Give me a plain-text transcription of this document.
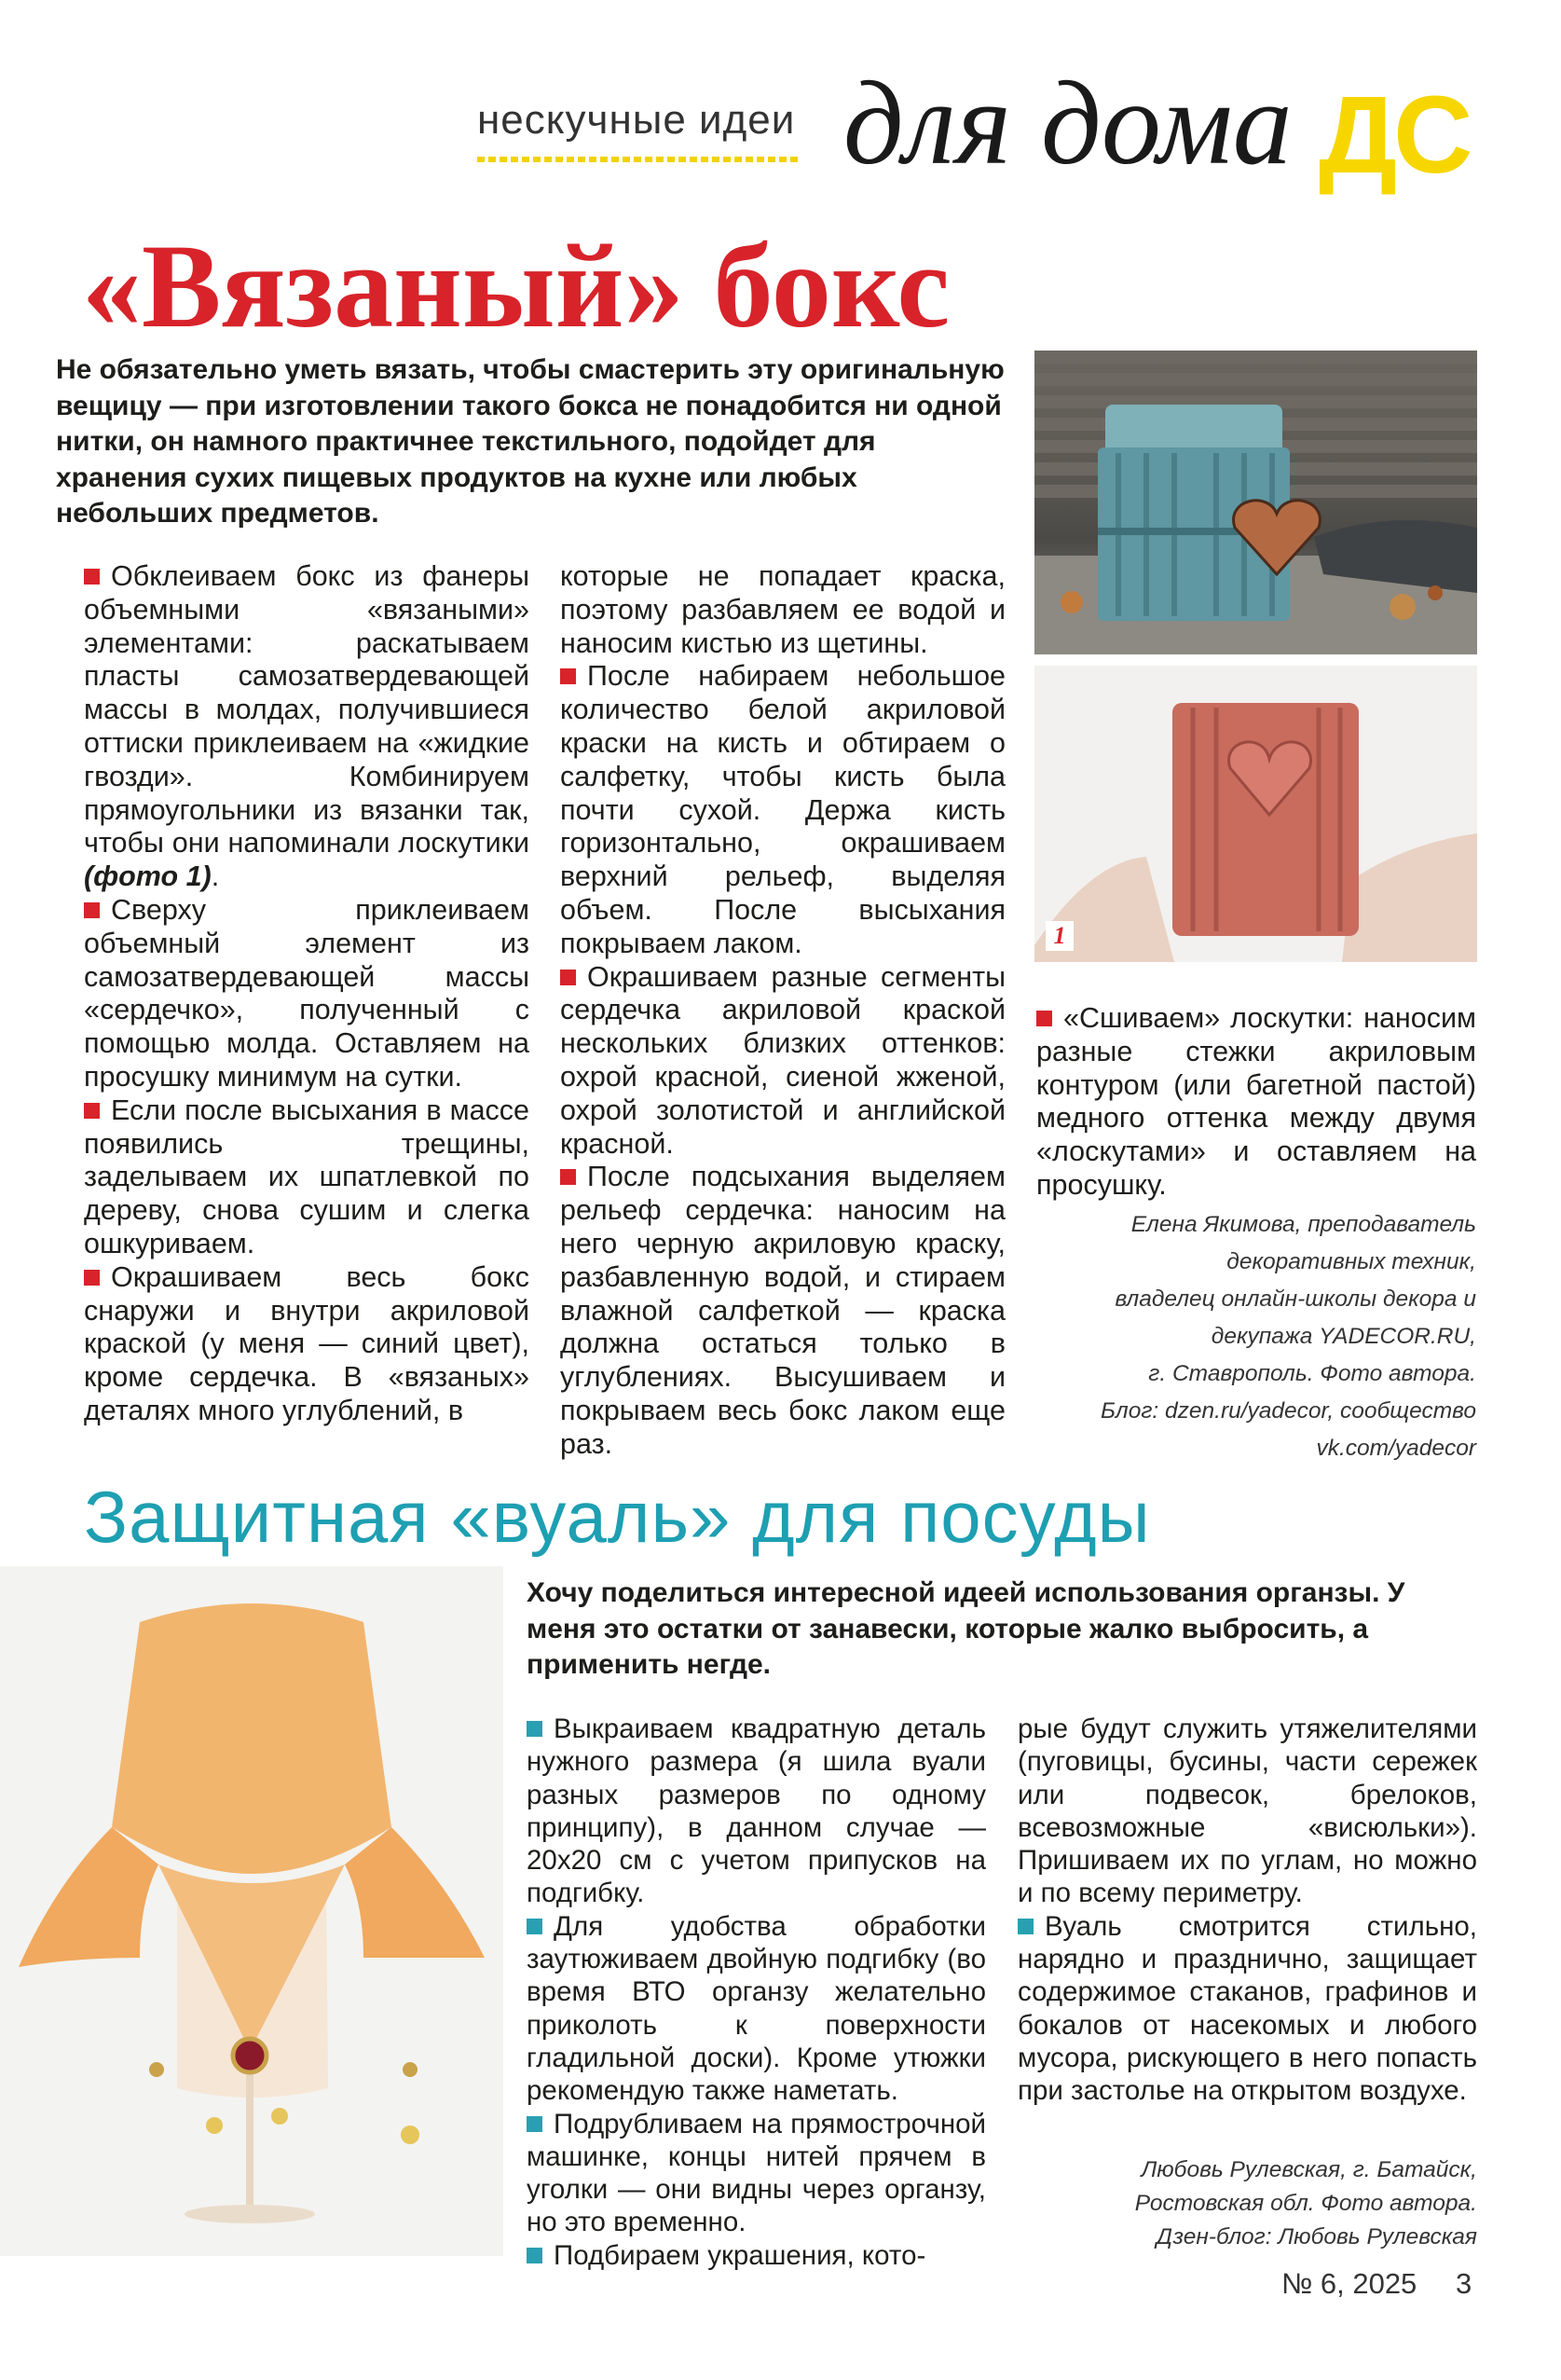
нескучные идеи для дома ДС
«Вязаный» бокс
Не обязательно уметь вязать, чтобы смастерить эту оригинальную вещицу — при изготовлении такого бокса не понадобится ни одной нитки, он намного практичнее текстильного, подойдет для хранения сухих пищевых продуктов на кухне или любых небольших предметов.
1

Обклеиваем бокс из фанеры объемными «вязаными» элементами: раскатываем пласты самозатвердевающей массы в молдах, получившиеся оттиски приклеиваем на «жидкие гвозди». Комбинируем прямоугольники из вязанки так, чтобы они напоминали лоскутики (фото 1).

Сверху приклеиваем объемный элемент из самозатвердевающей массы «сердечко», полученный с помощью молда. Оставляем на просушку минимум на сутки.

Если после высыхания в массе появились трещины, заделываем их шпатлевкой по дереву, снова сушим и слегка ошкуриваем.

Окрашиваем весь бокс снаружи и внутри акриловой краской (у меня — синий цвет), кроме сердечка. В «вязаных» деталях много углублений, в

которые не попадает краска, поэтому разбавляем ее водой и наносим кистью из щетины.

После набираем небольшое количество белой акриловой краски на кисть и обтираем о салфетку, чтобы кисть была почти сухой. Держа кисть горизонтально, окрашиваем верхний рельеф, выделяя объем. После высыхания покрываем лаком.

Окрашиваем разные сегменты сердечка акриловой краской нескольких близких оттенков: охрой красной, сиеной жженой, охрой золотистой и английской красной.

После подсыхания выделяем рельеф сердечка: наносим на него черную акриловую краску, разбавленную водой, и стираем влажной салфеткой — краска должна остаться только в углублениях. Высушиваем и покрываем весь бокс лаком еще раз.

«Сшиваем» лоскутки: наносим разные стежки акриловым контуром (или багетной пастой) медного оттенка между двумя «лоскутами» и оставляем на просушку.

Елена Якимова, преподаватель
декоративных техник,
владелец онлайн-школы декора и
декупажа YADECOR.RU,
г. Ставрополь. Фото автора.
Блог: dzen.ru/yadecor, сообщество
vk.com/yadecor
Защитная «вуаль» для посуды
Хочу поделиться интересной идеей использования органзы. У меня это остатки от занавески, которые жалко выбросить, а применить негде.

Выкраиваем квадратную деталь нужного размера (я шила вуали разных размеров по одному принципу), в данном случае — 20х20 см с учетом припусков на подгибку.

Для удобства обработки заутюживаем двойную подгибку (во время ВТО органзу желательно приколоть к поверхности гладильной доски). Кроме утюжки рекомендую также наметать.

Подрубливаем на прямострочной машинке, концы нитей прячем в уголки — они видны через органзу, но это временно.

Подбираем украшения, кото-

рые будут служить утяжелителями (пуговицы, бусины, части сережек или подвесок, брелоков, всевозможные «висюльки»). Пришиваем их по углам, но можно и по всему периметру.

Вуаль смотрится стильно, нарядно и празднично, защищает содержимое стаканов, графинов и бокалов от насекомых и любого мусора, рискующего в него попасть при застолье на открытом воздухе.

Любовь Рулевская, г. Батайск,
Ростовская обл. Фото автора.
Дзен-блог: Любовь Рулевская
№ 6, 2025 3
